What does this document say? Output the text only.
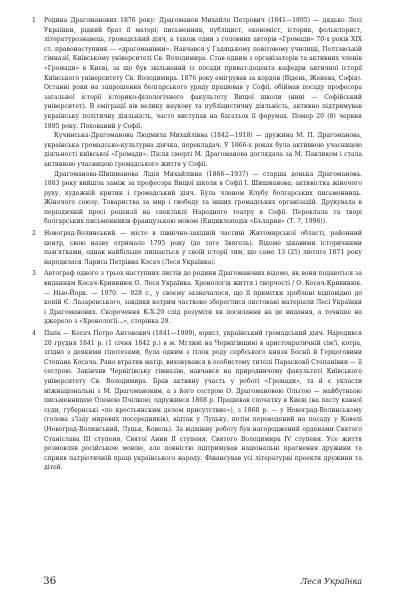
1	Родина Драгоманових 1876 року: Драгоманов Михайло Петрович (1841—1895) — дядько Лесі Українки, рідний брат її матері; письменник, публіцист, економіст, історик, фольклорист, літературознавець, громадський діяч, а також один з головних авторів «Громади» 70-х років XIX ст. правонаступник — «драгоманівки». Навчався у Гадяцькому повітовому училищі, Полтавській гімназії, Київському університеті Св. Володимира. Став одним з організаторів та активних членів «Громади» в Києві, за що був звільнений із посади приват-доцента кафедри античної історії Київського університету Св. Володимира. 1876 року емігрував за кордон (Відень, Женева, Софія). Останні роки на запрошення болгарського уряду працював у Софії, обіймав посаду професора загальної історії історико-філологічного факультету Вищої школи (нині — Софійський університет). В еміграції вів велику наукову та публіцистичну діяльність, активно підтримував українську політичну діяльність, часто виступав на багатьох її форумах. Помер 20 (8) червня 1895 року. Похований у Софії.

Кучинська-Драгоманова Людмила Михайлівна (1842—1918) — дружина М. П. Драгоманова, українська громадсько-культурна діячка, перекладач. У 1866-х роках була активною учасницею діяльності київської «Громади». Після смерті М. Драгоманова доглядала за М. Павликом і стала активною учасницею громадського життя у Софії.

Драгоманова-Шишманова Лідія Михайлівна (1866—1937) — старша донька Драгоманова. 1883 року вийшла заміж за професора Вищої школи в Софії І. Шишманова; активістка жіночого руху, художній критик і громадський діяч. Була членом Клубу болгарських письменниць. Жіночого союзу. Товариства за мир і свободу та інших громадських організацій. Друкувала в періодичній пресі рецензії на спектаклі Народного театру в Софії. Переклала та творі болгарських письменників французькою мовою (Енциклопедія «Бълария» (Т. 7, 1996)).

2	Новоград-Волинський — місто в північно-західній частині Житомирської області, районний центр, свою назву отримало 1795 року (до того Звягель). Відоме цікавими історичними пам'ятками, однак найбільше пишається у своїй історії тим, що саме 13 (25) лютого 1871 року народилася Лариса Петрівна Косач (Леся Українка).

3	Автограф одного з трьох наступних листів до родини Драгоманових відомо, як вони подаються за виданням Косач-Кривинюк О. Леся Українка. Хронологія життя і творчості / О. Косач-Кривинюк. — Нью-Йорк. — 1970. — 928 с., у своєму зазначалося, що її примітки зроблені відповідно до копій Є. Лазаревського, завдяки котрим частково збереглися листовані матеріали Лесі Українки і Драгоманових. Скорочення К-Х-29 слід розуміти як посилання на це видання, а точніше на джерело з «Хронології…», сторінка 29.

4	Папа — Косач Петро Антонович (1841—1909), юрист, український громадський діяч. Народився 20 грудня 1841 р. (1 січня 1842 р.) в м. Мглині на Чернігівщині в аристократичній сім'ї, котра, згідно з деякими гіпотезами, була одним з гілок роду сербського князя Боснії й Герцоговини Степана Косача. Рано втратив матір, виховувався в особистому титолі Парасковії Степанівни — її сестрою. Закінчив Чернігівську гімназію, навчався на природничому факультеті Київського університету Св. Володимира. Брав активну участь у роботі «Громади», та й є укласти міжнаціональні з М. Драгомановим, а з його сестрою О. Драгомановою Ольгою — майбутньою письменницею Оленою Пчілкою, одружився 1868 р. Працював спочатку в Києві (на пасту кавної суди, губернські «по крестьянским делом присутствие»), з 1868 р. — у Новоград-Волинському (голова з'їзду мирових посередників), відтак у Луцьку, потім переведений на посаду у Ковелі (Новоград-Волинський, Луцьк, Ковель). За відмінну роботу був нагороджений орденами Святого Станіслава III ступеня, Святої Анни II ступеня, Святого Володимира IV ступеня. Усе життя розмовляв російською мовою, але повністю підтримував національні прагнення дружини та сприяв патріотичній праці українського народу. Фінансував усі літературні проекти дружини та дітей.

36	Леся Українка
